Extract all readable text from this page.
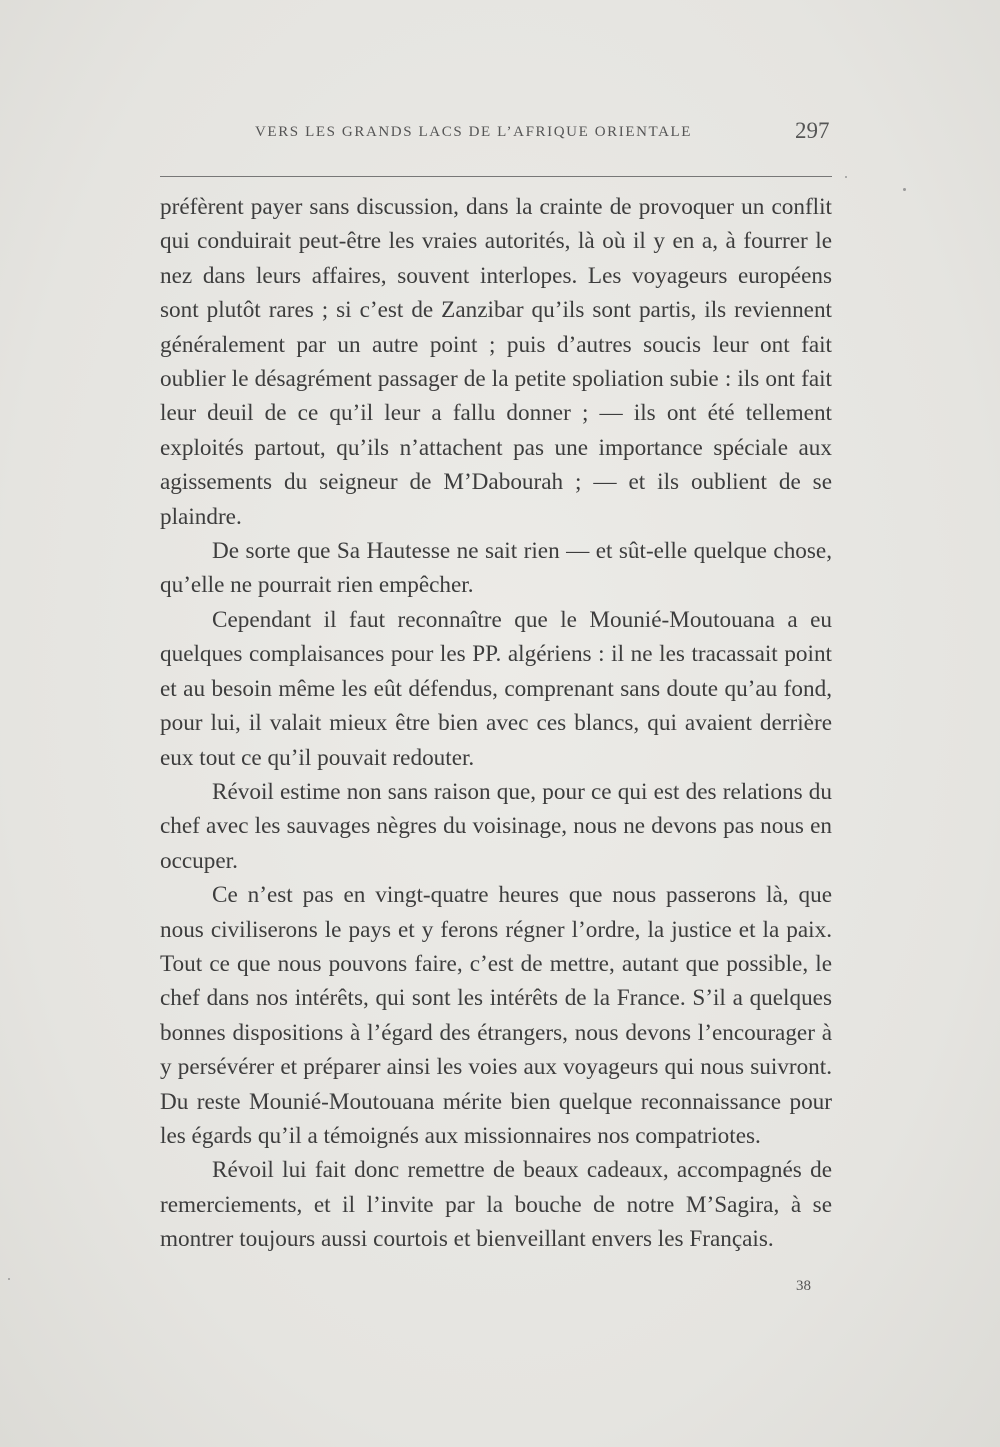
VERS LES GRANDS LACS DE L’AFRIQUE ORIENTALE	297

préfèrent payer sans discussion, dans la crainte de provoquer un conflit qui conduirait peut-être les vraies autorités, là où il y en a, à fourrer le nez dans leurs affaires, souvent interlopes. Les voyageurs européens sont plutôt rares ; si c’est de Zanzibar qu’ils sont partis, ils reviennent généralement par un autre point ; puis d’autres soucis leur ont fait oublier le désagrément passager de la petite spoliation subie : ils ont fait leur deuil de ce qu’il leur a fallu donner ; — ils ont été tellement exploités partout, qu’ils n’attachent pas une importance spéciale aux agissements du seigneur de M’Dabourah ; — et ils oublient de se plaindre.

De sorte que Sa Hautesse ne sait rien — et sût-elle quelque chose, qu’elle ne pourrait rien empêcher.

Cependant il faut reconnaître que le Mounié-Moutouana a eu quelques complaisances pour les PP. algériens : il ne les tracassait point et au besoin même les eût défendus, comprenant sans doute qu’au fond, pour lui, il valait mieux être bien avec ces blancs, qui avaient derrière eux tout ce qu’il pouvait redouter.

Révoil estime non sans raison que, pour ce qui est des relations du chef avec les sauvages nègres du voisinage, nous ne devons pas nous en occuper.

Ce n’est pas en vingt-quatre heures que nous passerons là, que nous civiliserons le pays et y ferons régner l’ordre, la justice et la paix. Tout ce que nous pouvons faire, c’est de mettre, autant que possible, le chef dans nos intérêts, qui sont les intérêts de la France. S’il a quelques bonnes dispositions à l’égard des étrangers, nous devons l’encourager à y persévérer et préparer ainsi les voies aux voyageurs qui nous suivront. Du reste Mounié-Moutouana mérite bien quelque reconnaissance pour les égards qu’il a témoignés aux missionnaires nos compatriotes.

Révoil lui fait donc remettre de beaux cadeaux, accompagnés de remerciements, et il l’invite par la bouche de notre M’Sagira, à se montrer toujours aussi courtois et bienveillant envers les Français.

38
